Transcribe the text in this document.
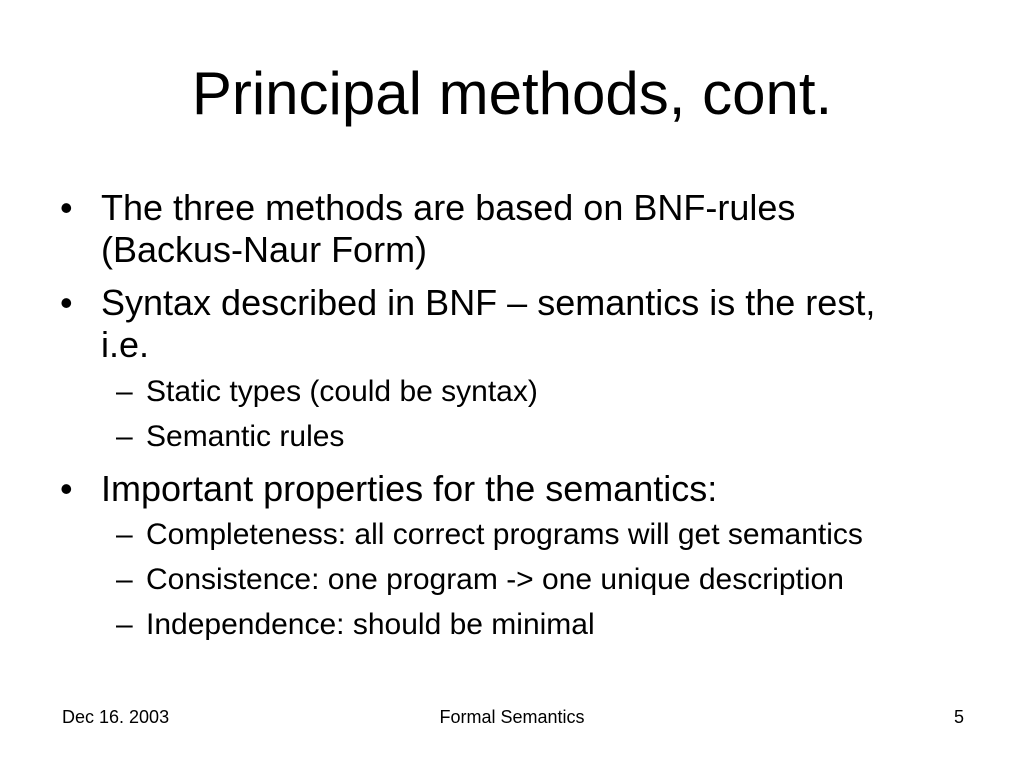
Principal methods, cont.
• The three methods are based on BNF-rules
(Backus-Naur Form)
• Syntax described in BNF – semantics is the rest,
i.e.
– Static types (could be syntax)
– Semantic rules
• Important properties for the semantics:
– Completeness: all correct programs will get semantics
– Consistence: one program -> one unique description
– Independence: should be minimal
Dec 16. 2003	Formal Semantics	5
